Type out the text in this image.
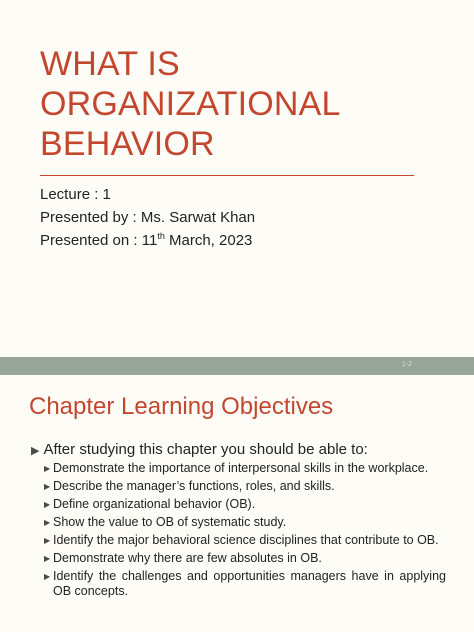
WHAT IS
ORGANIZATIONAL
BEHAVIOR
Lecture : 1
Presented by : Ms. Sarwat Khan
Presented on : 11th March, 2023
1-2
Chapter Learning Objectives
▶ After studying this chapter you should be able to:
▶ Demonstrate the importance of interpersonal skills in the workplace.
▶ Describe the manager’s functions, roles, and skills.
▶ Define organizational behavior (OB).
▶ Show the value to OB of systematic study.
▶ Identify the major behavioral science disciplines that contribute to OB.
▶ Demonstrate why there are few absolutes in OB.
▶ Identify the challenges and opportunities managers have in applying OB concepts.
